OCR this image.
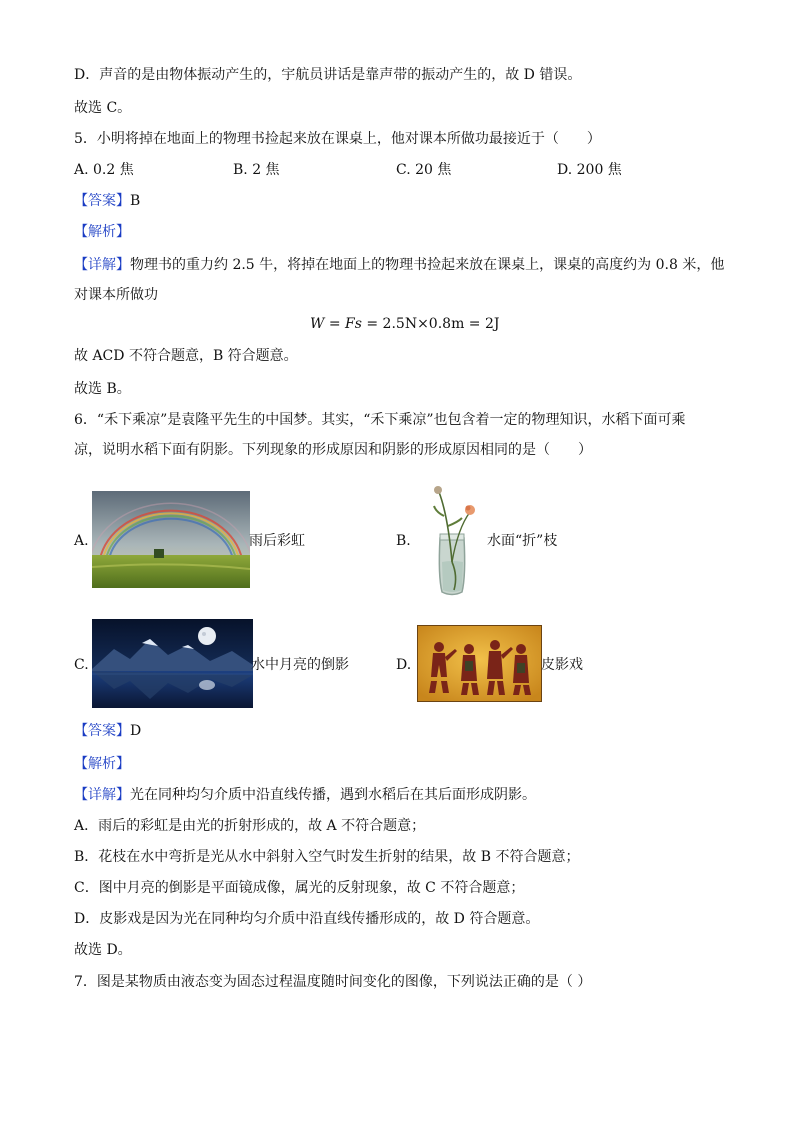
D．声音的是由物体振动产生的，宇航员讲话是靠声带的振动产生的，故 D 错误。
故选 C。
5．小明将掉在地面上的物理书捡起来放在课桌上，他对课本所做功最接近于（　　）
A. 0.2 焦	B. 2 焦	C. 20 焦	D. 200 焦
【答案】B
【解析】
【详解】物理书的重力约 2.5 牛，将掉在地面上的物理书捡起来放在课桌上，课桌的高度约为 0.8 米，他
对课本所做功
W = Fs = 2.5N×0.8m = 2J
故 ACD 不符合题意，B 符合题意。
故选 B。
6．“禾下乘凉”是袁隆平先生的中国梦。其实，“禾下乘凉”也包含着一定的物理知识，水稻下面可乘
凉，说明水稻下面有阴影。下列现象的形成原因和阴影的形成原因相同的是（　　）
A.	雨后彩虹	B.	水面“折”枝
C.	水中月亮的倒影	D.	皮影戏
【答案】D
【解析】
【详解】光在同种均匀介质中沿直线传播，遇到水稻后在其后面形成阴影。
A．雨后的彩虹是由光的折射形成的，故 A 不符合题意；
B．花枝在水中弯折是光从水中斜射入空气时发生折射的结果，故 B 不符合题意；
C．图中月亮的倒影是平面镜成像，属光的反射现象，故 C 不符合题意；
D．皮影戏是因为光在同种均匀介质中沿直线传播形成的，故 D 符合题意。
故选 D。
7．图是某物质由液态变为固态过程温度随时间变化的图像，下列说法正确的是（ ）
